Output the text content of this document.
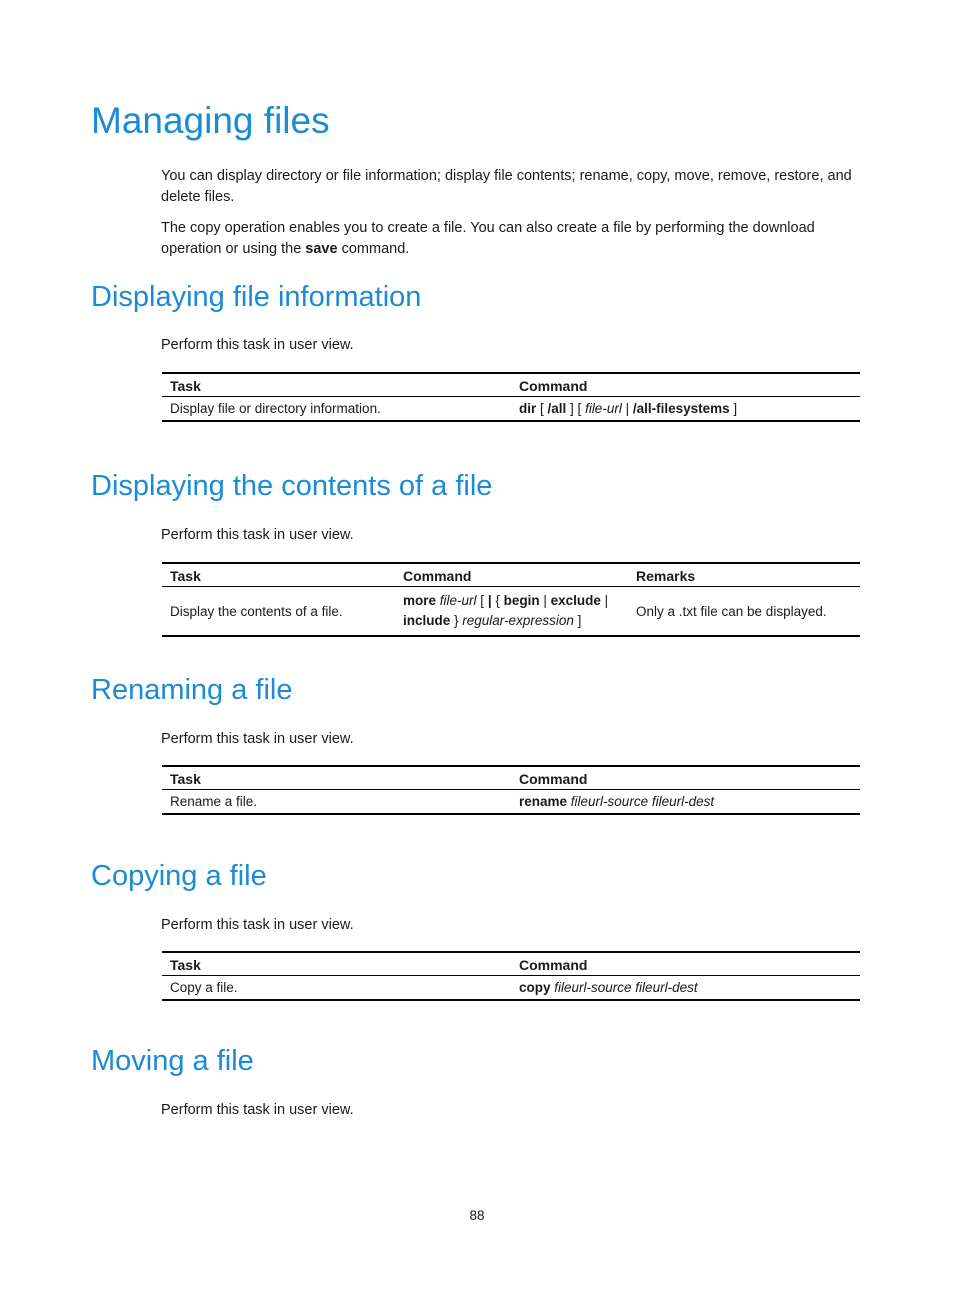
Managing files

You can display directory or file information; display file contents; rename, copy, move, remove, restore, and delete files.

The copy operation enables you to create a file. You can also create a file by performing the download operation or using the save command.

Displaying file information

Perform this task in user view.

Task	Command
Display file or directory information.	dir [ /all ] [ file-url | /all-filesystems ]
Displaying the contents of a file

Perform this task in user view.

Task	Command	Remarks
Display the contents of a file.	more file-url [ | { begin | exclude |
include } regular-expression ]	Only a .txt file can be displayed.
Renaming a file

Perform this task in user view.

Task	Command
Rename a file.	rename fileurl-source fileurl-dest
Copying a file

Perform this task in user view.

Task	Command
Copy a file.	copy fileurl-source fileurl-dest
Moving a file

Perform this task in user view.

88
